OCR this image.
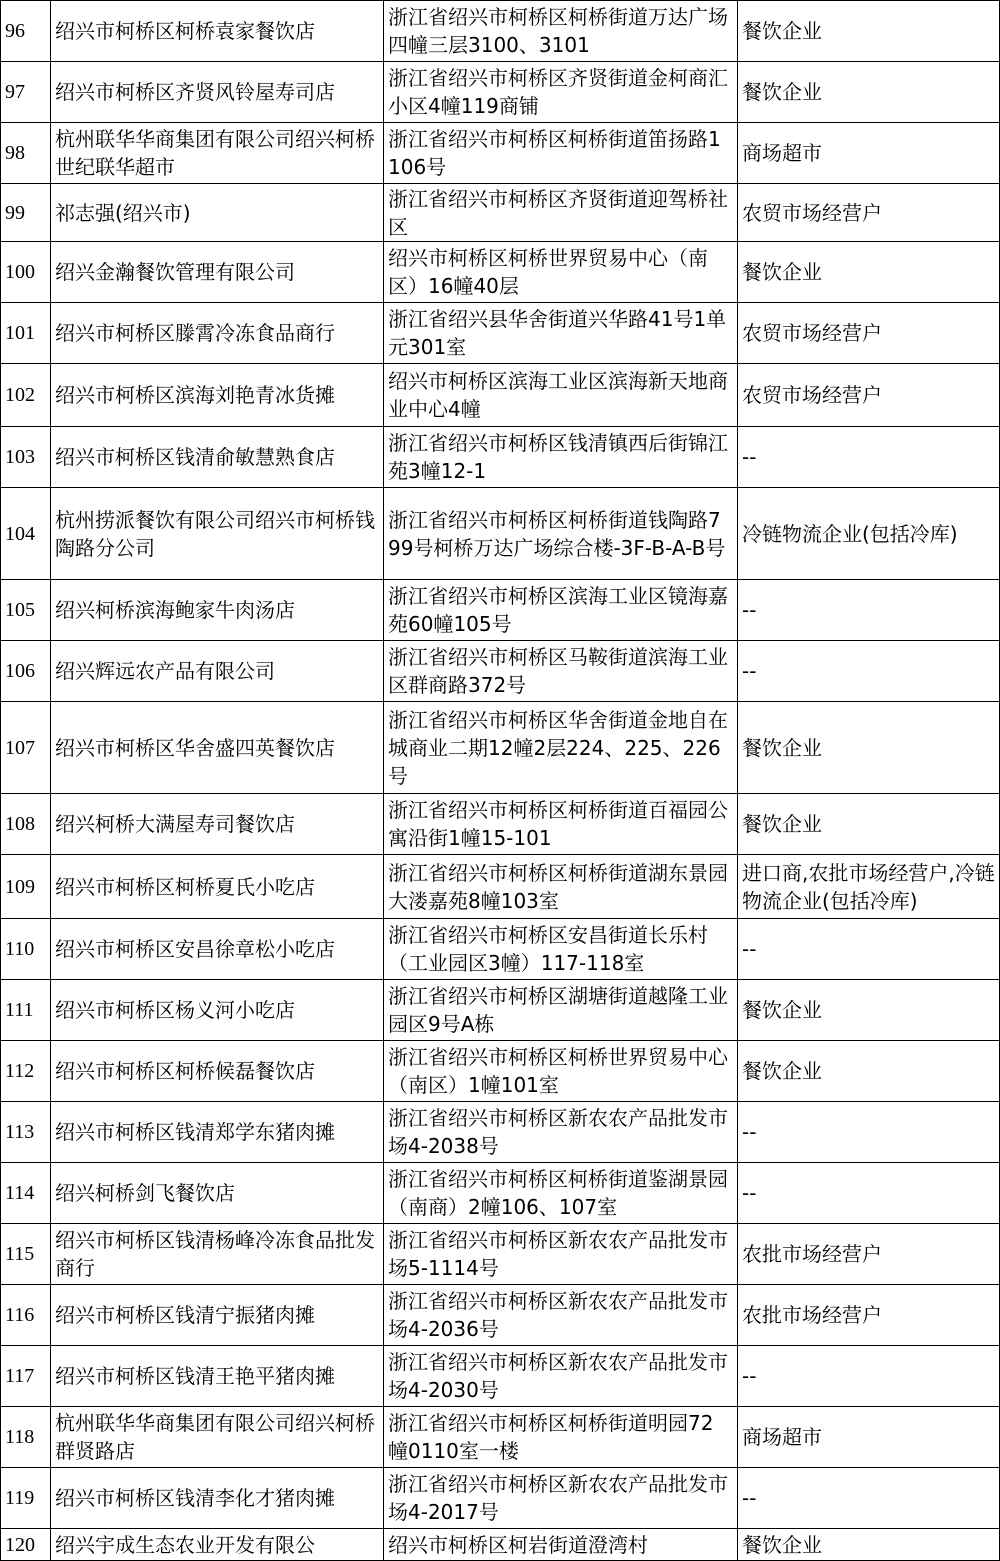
96	绍兴市柯桥区柯桥袁家餐饮店	浙江省绍兴市柯桥区柯桥街道万达广场四幢三层3100、3101	餐饮企业
97	绍兴市柯桥区齐贤风铃屋寿司店	浙江省绍兴市柯桥区齐贤街道金柯商汇小区4幢119商铺	餐饮企业
98	杭州联华华商集团有限公司绍兴柯桥世纪联华超市	浙江省绍兴市柯桥区柯桥街道笛扬路1106号	商场超市
99	祁志强(绍兴市)	浙江省绍兴市柯桥区齐贤街道迎驾桥社区	农贸市场经营户
100	绍兴金瀚餐饮管理有限公司	绍兴市柯桥区柯桥世界贸易中心（南区）16幢40层	餐饮企业
101	绍兴市柯桥区滕霄冷冻食品商行	浙江省绍兴县华舍街道兴华路41号1单元301室	农贸市场经营户
102	绍兴市柯桥区滨海刘艳青冰货摊	绍兴市柯桥区滨海工业区滨海新天地商业中心4幢	农贸市场经营户
103	绍兴市柯桥区钱清俞敏慧熟食店	浙江省绍兴市柯桥区钱清镇西后街锦江苑3幢12-1	--
104	杭州捞派餐饮有限公司绍兴市柯桥钱陶路分公司	浙江省绍兴市柯桥区柯桥街道钱陶路799号柯桥万达广场综合楼-3F-B-A-B号	冷链物流企业(包括冷库)
105	绍兴柯桥滨海鲍家牛肉汤店	浙江省绍兴市柯桥区滨海工业区镜海嘉苑60幢105号	--
106	绍兴辉远农产品有限公司	浙江省绍兴市柯桥区马鞍街道滨海工业区群商路372号	--
107	绍兴市柯桥区华舍盛四英餐饮店	浙江省绍兴市柯桥区华舍街道金地自在城商业二期12幢2层224、225、226号	餐饮企业
108	绍兴柯桥大满屋寿司餐饮店	浙江省绍兴市柯桥区柯桥街道百福园公寓沿街1幢15-101	餐饮企业
109	绍兴市柯桥区柯桥夏氏小吃店	浙江省绍兴市柯桥区柯桥街道湖东景园大溇嘉苑8幢103室	进口商,农批市场经营户,冷链物流企业(包括冷库)
110	绍兴市柯桥区安昌徐章松小吃店	浙江省绍兴市柯桥区安昌街道长乐村（工业园区3幢）117-118室	--
111	绍兴市柯桥区杨义河小吃店	浙江省绍兴市柯桥区湖塘街道越隆工业园区9号A栋	餐饮企业
112	绍兴市柯桥区柯桥候磊餐饮店	浙江省绍兴市柯桥区柯桥世界贸易中心（南区）1幢101室	餐饮企业
113	绍兴市柯桥区钱清郑学东猪肉摊	浙江省绍兴市柯桥区新农农产品批发市场4-2038号	--
114	绍兴柯桥剑飞餐饮店	浙江省绍兴市柯桥区柯桥街道鉴湖景园（南商）2幢106、107室	--
115	绍兴市柯桥区钱清杨峰冷冻食品批发商行	浙江省绍兴市柯桥区新农农产品批发市场5-1114号	农批市场经营户
116	绍兴市柯桥区钱清宁振猪肉摊	浙江省绍兴市柯桥区新农农产品批发市场4-2036号	农批市场经营户
117	绍兴市柯桥区钱清王艳平猪肉摊	浙江省绍兴市柯桥区新农农产品批发市场4-2030号	--
118	杭州联华华商集团有限公司绍兴柯桥群贤路店	浙江省绍兴市柯桥区柯桥街道明园72幢0110室一楼	商场超市
119	绍兴市柯桥区钱清李化才猪肉摊	浙江省绍兴市柯桥区新农农产品批发市场4-2017号	--
120	绍兴宇成生态农业开发有限公	绍兴市柯桥区柯岩街道澄湾村	餐饮企业
